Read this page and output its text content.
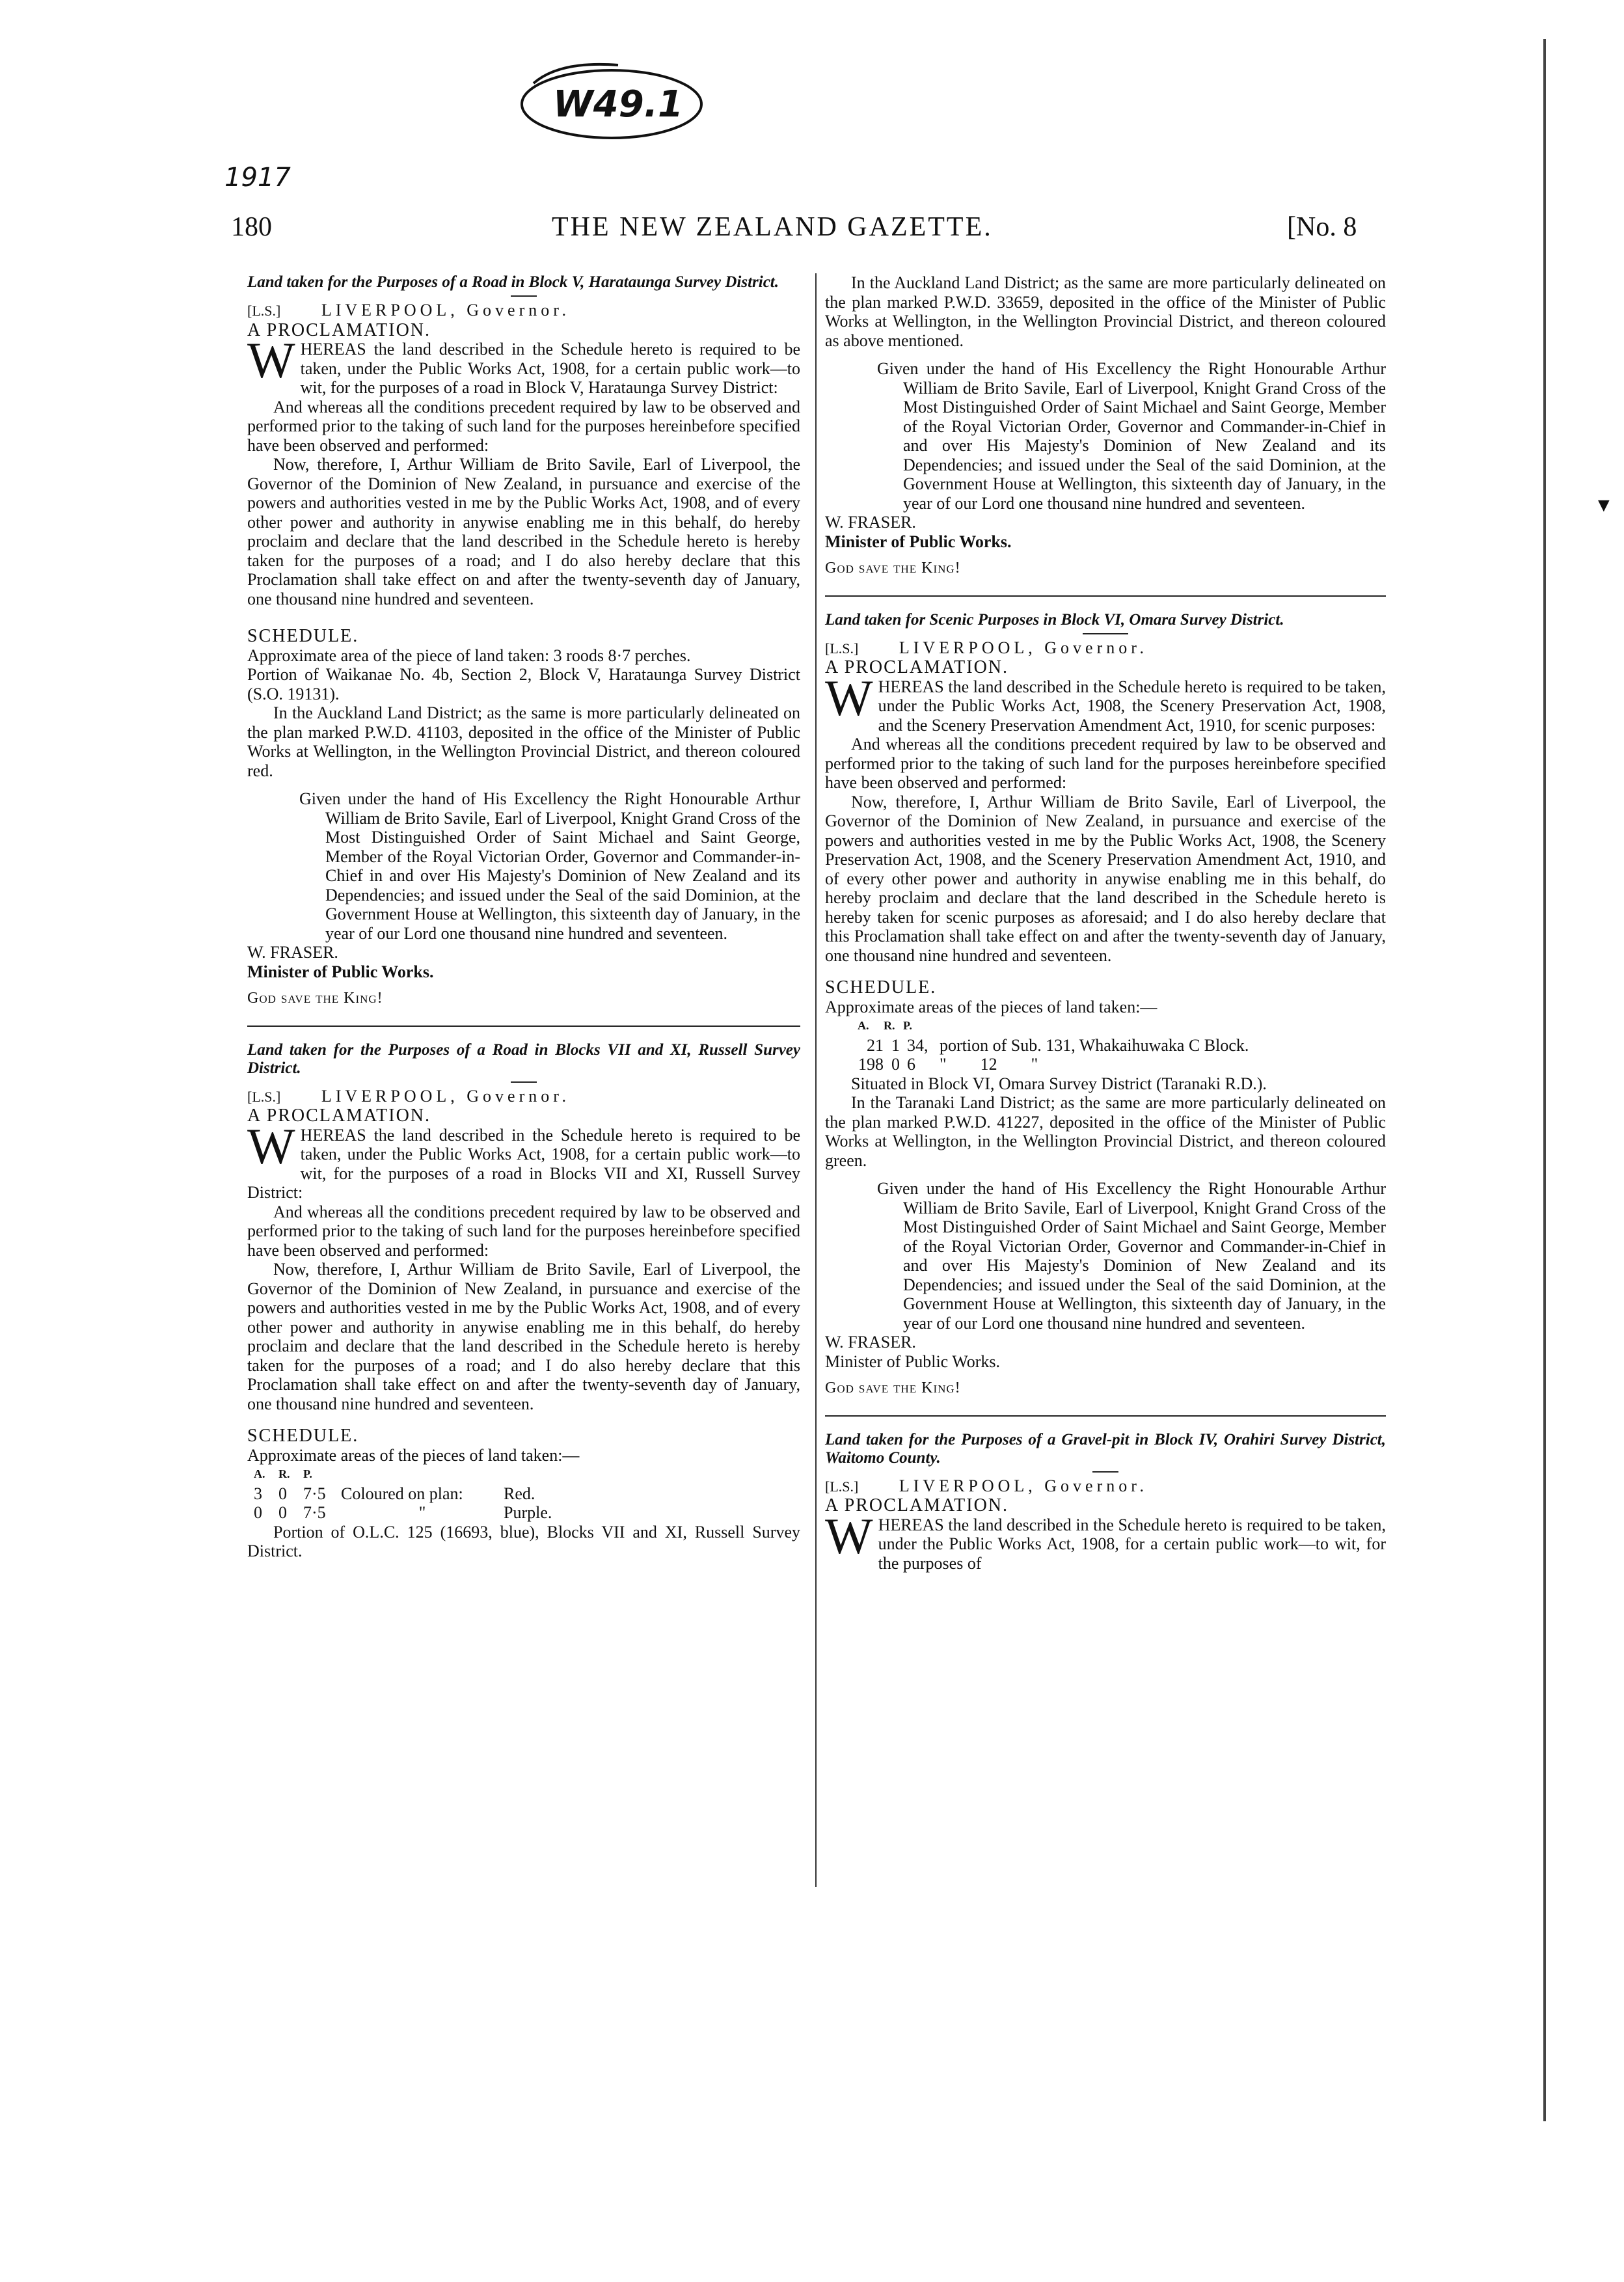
W49.1
1917
180	THE NEW ZEALAND GAZETTE.	[No. 8
▼

Land taken for the Purposes of a Road in Block V, Harataunga Survey District.

[L.S.] LIVERPOOL, Governor.

A PROCLAMATION.

WHEREAS the land described in the Schedule hereto is required to be taken, under the Public Works Act, 1908, for a certain public work—to wit, for the purposes of a road in Block V, Harataunga Survey District:

And whereas all the conditions precedent required by law to be observed and performed prior to the taking of such land for the purposes hereinbefore specified have been observed and performed:

Now, therefore, I, Arthur William de Brito Savile, Earl of Liverpool, the Governor of the Dominion of New Zealand, in pursuance and exercise of the powers and authorities vested in me by the Public Works Act, 1908, and of every other power and authority in anywise enabling me in this behalf, do hereby proclaim and declare that the land described in the Schedule hereto is hereby taken for the purposes of a road; and I do also hereby declare that this Proclamation shall take effect on and after the twenty-seventh day of January, one thousand nine hundred and seventeen.

SCHEDULE.

Approximate area of the piece of land taken: 3 roods 8·7 perches.

Portion of Waikanae No. 4b, Section 2, Block V, Harataunga Survey District (S.O. 19131).

In the Auckland Land District; as the same is more particularly delineated on the plan marked P.W.D. 41103, deposited in the office of the Minister of Public Works at Wellington, in the Wellington Provincial District, and thereon coloured red.

Given under the hand of His Excellency the Right Honourable Arthur William de Brito Savile, Earl of Liverpool, Knight Grand Cross of the Most Distinguished Order of Saint Michael and Saint George, Member of the Royal Victorian Order, Governor and Commander-in-Chief in and over His Majesty's Dominion of New Zealand and its Dependencies; and issued under the Seal of the said Dominion, at the Government House at Wellington, this sixteenth day of January, in the year of our Lord one thousand nine hundred and seventeen.

W. FRASER.

Minister of Public Works.

God save the King!

Land taken for the Purposes of a Road in Blocks VII and XI, Russell Survey District.

[L.S.] LIVERPOOL, Governor.

A PROCLAMATION.

WHEREAS the land described in the Schedule hereto is required to be taken, under the Public Works Act, 1908, for a certain public work—to wit, for the purposes of a road in Blocks VII and XI, Russell Survey District:

And whereas all the conditions precedent required by law to be observed and performed prior to the taking of such land for the purposes hereinbefore specified have been observed and performed:

Now, therefore, I, Arthur William de Brito Savile, Earl of Liverpool, the Governor of the Dominion of New Zealand, in pursuance and exercise of the powers and authorities vested in me by the Public Works Act, 1908, and of every other power and authority in anywise enabling me in this behalf, do hereby proclaim and declare that the land described in the Schedule hereto is hereby taken for the purposes of a road; and I do also hereby declare that this Proclamation shall take effect on and after the twenty-seventh day of January, one thousand nine hundred and seventeen.

SCHEDULE.

Approximate areas of the pieces of land taken:—

A.	R.	P.
3 0 7·5 Coloured on plan:	Red.
0 0 7·5	"	Purple.

Portion of O.L.C. 125 (16693, blue), Blocks VII and XI, Russell Survey District.

In the Auckland Land District; as the same are more particularly delineated on the plan marked P.W.D. 33659, deposited in the office of the Minister of Public Works at Wellington, in the Wellington Provincial District, and thereon coloured as above mentioned.

Given under the hand of His Excellency the Right Honourable Arthur William de Brito Savile, Earl of Liverpool, Knight Grand Cross of the Most Distinguished Order of Saint Michael and Saint George, Member of the Royal Victorian Order, Governor and Commander-in-Chief in and over His Majesty's Dominion of New Zealand and its Dependencies; and issued under the Seal of the said Dominion, at the Government House at Wellington, this sixteenth day of January, in the year of our Lord one thousand nine hundred and seventeen.

W. FRASER.

Minister of Public Works.

God save the King!

Land taken for Scenic Purposes in Block VI, Omara Survey District.

[L.S.] LIVERPOOL, Governor.

A PROCLAMATION.

WHEREAS the land described in the Schedule hereto is required to be taken, under the Public Works Act, 1908, the Scenery Preservation Act, 1908, and the Scenery Preservation Amendment Act, 1910, for scenic purposes:

And whereas all the conditions precedent required by law to be observed and performed prior to the taking of such land for the purposes hereinbefore specified have been observed and performed:

Now, therefore, I, Arthur William de Brito Savile, Earl of Liverpool, the Governor of the Dominion of New Zealand, in pursuance and exercise of the powers and authorities vested in me by the Public Works Act, 1908, the Scenery Preservation Act, 1908, and the Scenery Preservation Amendment Act, 1910, and of every other power and authority in anywise enabling me in this behalf, do hereby proclaim and declare that the land described in the Schedule hereto is hereby taken for scenic purposes as aforesaid; and I do also hereby declare that this Proclamation shall take effect on and after the twenty-seventh day of January, one thousand nine hundred and seventeen.

SCHEDULE.

Approximate areas of the pieces of land taken:—

A.	R. P.
21 1 34, portion of Sub. 131, Whakaihuwaka C Block.
198 0 6	"        12        "

Situated in Block VI, Omara Survey District (Taranaki R.D.).

In the Taranaki Land District; as the same are more particularly delineated on the plan marked P.W.D. 41227, deposited in the office of the Minister of Public Works at Wellington, in the Wellington Provincial District, and thereon coloured green.

Given under the hand of His Excellency the Right Honourable Arthur William de Brito Savile, Earl of Liverpool, Knight Grand Cross of the Most Distinguished Order of Saint Michael and Saint George, Member of the Royal Victorian Order, Governor and Commander-in-Chief in and over His Majesty's Dominion of New Zealand and its Dependencies; and issued under the Seal of the said Dominion, at the Government House at Wellington, this sixteenth day of January, in the year of our Lord one thousand nine hundred and seventeen.

W. FRASER.

Minister of Public Works.

God save the King!

Land taken for the Purposes of a Gravel-pit in Block IV, Orahiri Survey District, Waitomo County.

[L.S.] LIVERPOOL, Governor.

A PROCLAMATION.

WHEREAS the land described in the Schedule hereto is required to be taken, under the Public Works Act, 1908, for a certain public work—to wit, for the purposes of
